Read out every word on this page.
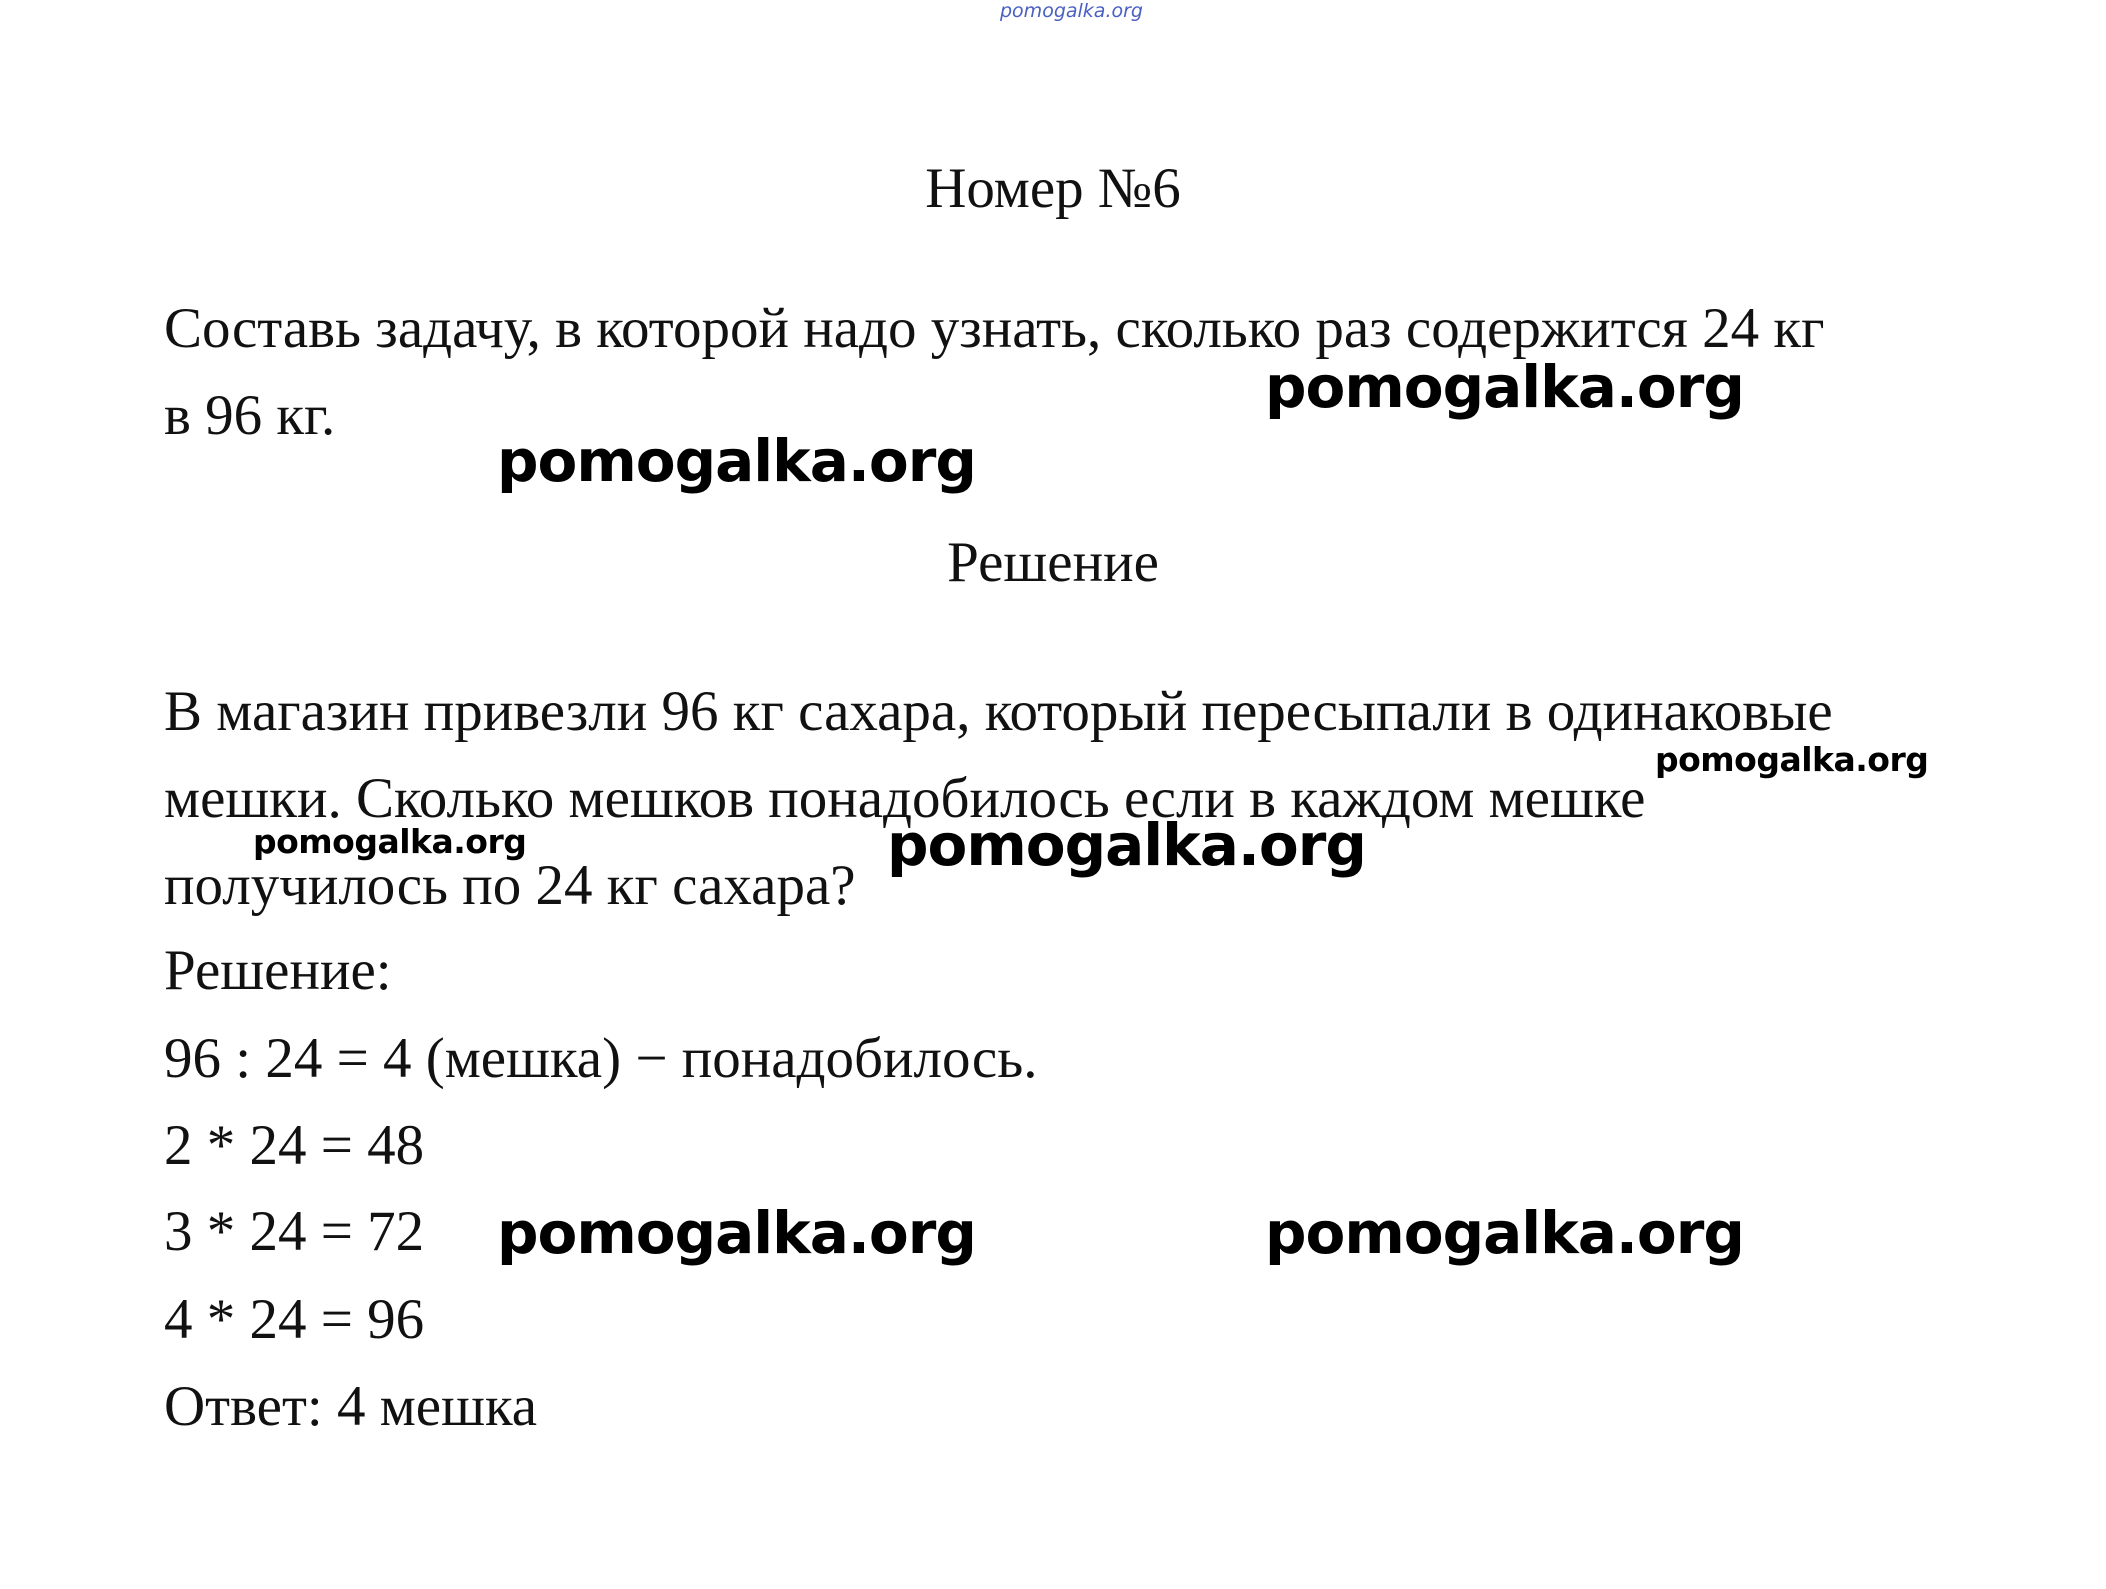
pomogalka.org
Номер №6
Составь задачу, в которой надо узнать, сколько раз содержится 24 кг
в 96 кг.	pomogalka.org
pomogalka.org
Решение
В магазин привезли 96 кг сахара, который пересыпали в одинаковые
мешки. Сколько мешков понадобилось если в каждом мешке
получилось по 24 кг сахара?
pomogalka.org
pomogalka.org	pomogalka.org
Решение:
96 : 24 = 4 (мешка) − понадобилось.
2 * 24 = 48
3 * 24 = 72
4 * 24 = 96
Ответ: 4 мешка
pomogalka.org	pomogalka.org
